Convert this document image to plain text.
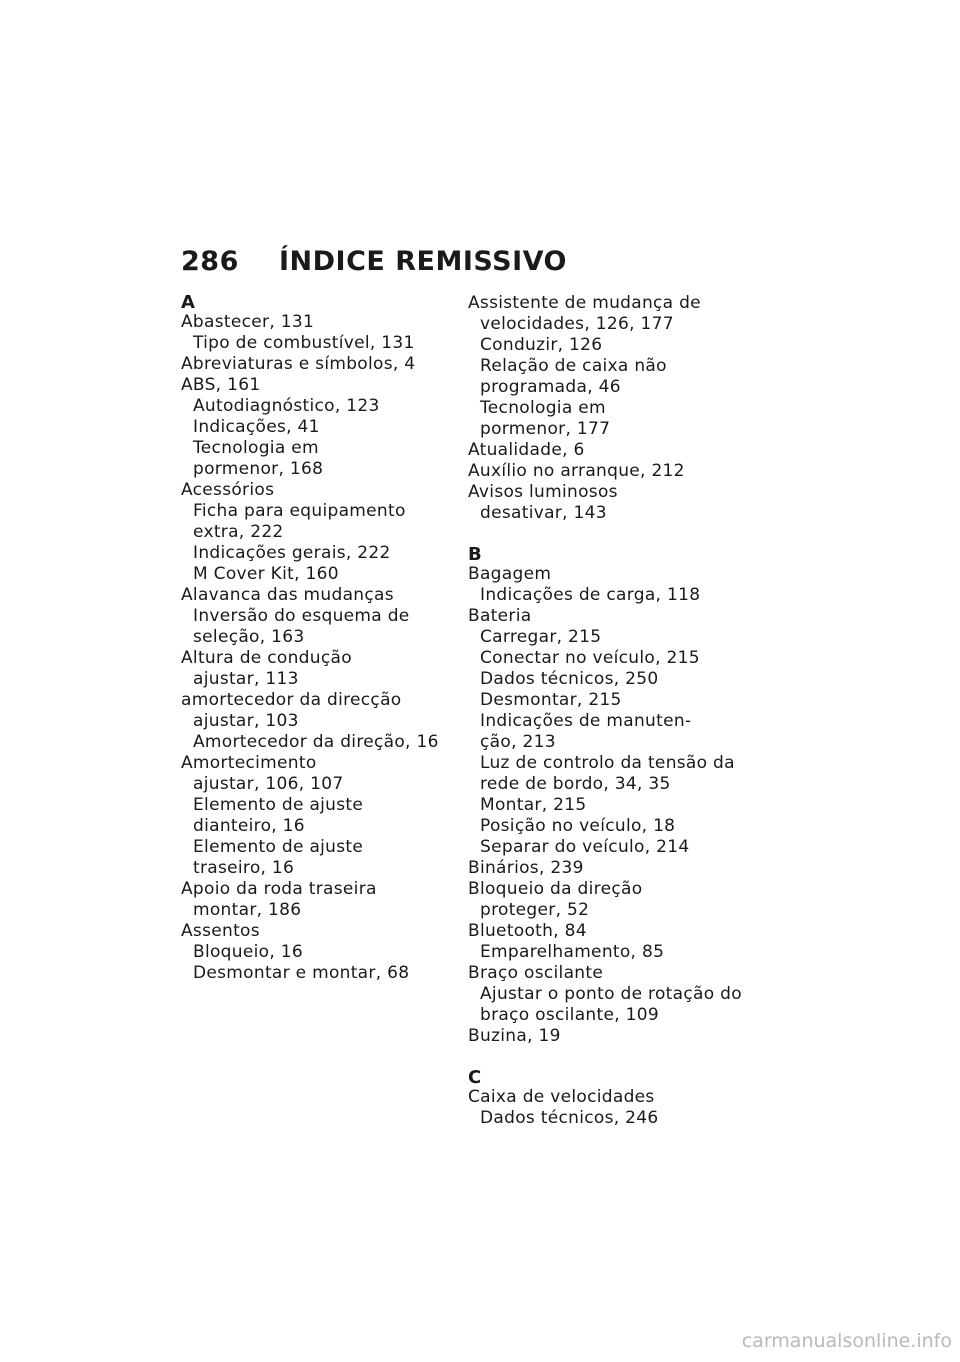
286 ÍNDICE REMISSIVO
A
Abastecer, 131
Tipo de combustível, 131
Abreviaturas e símbolos, 4
ABS, 161
Autodiagnóstico, 123
Indicações, 41
Tecnologia em
pormenor, 168
Acessórios
Ficha para equipamento
extra, 222
Indicações gerais, 222
M Cover Kit, 160
Alavanca das mudanças
Inversão do esquema de
seleção, 163
Altura de condução
ajustar, 113
amortecedor da direcção
ajustar, 103
Amortecedor da direção, 16
Amortecimento
ajustar, 106, 107
Elemento de ajuste
dianteiro, 16
Elemento de ajuste
traseiro, 16
Apoio da roda traseira
montar, 186
Assentos
Bloqueio, 16
Desmontar e montar, 68
Assistente de mudança de
velocidades, 126, 177
Conduzir, 126
Relação de caixa não
programada, 46
Tecnologia em
pormenor, 177
Atualidade, 6
Auxílio no arranque, 212
Avisos luminosos
desativar, 143
B
Bagagem
Indicações de carga, 118
Bateria
Carregar, 215
Conectar no veículo, 215
Dados técnicos, 250
Desmontar, 215
Indicações de manuten-
ção, 213
Luz de controlo da tensão da
rede de bordo, 34, 35
Montar, 215
Posição no veículo, 18
Separar do veículo, 214
Binários, 239
Bloqueio da direção
proteger, 52
Bluetooth, 84
Emparelhamento, 85
Braço oscilante
Ajustar o ponto de rotação do
braço oscilante, 109
Buzina, 19
C
Caixa de velocidades
Dados técnicos, 246
carmanualsonline.info
